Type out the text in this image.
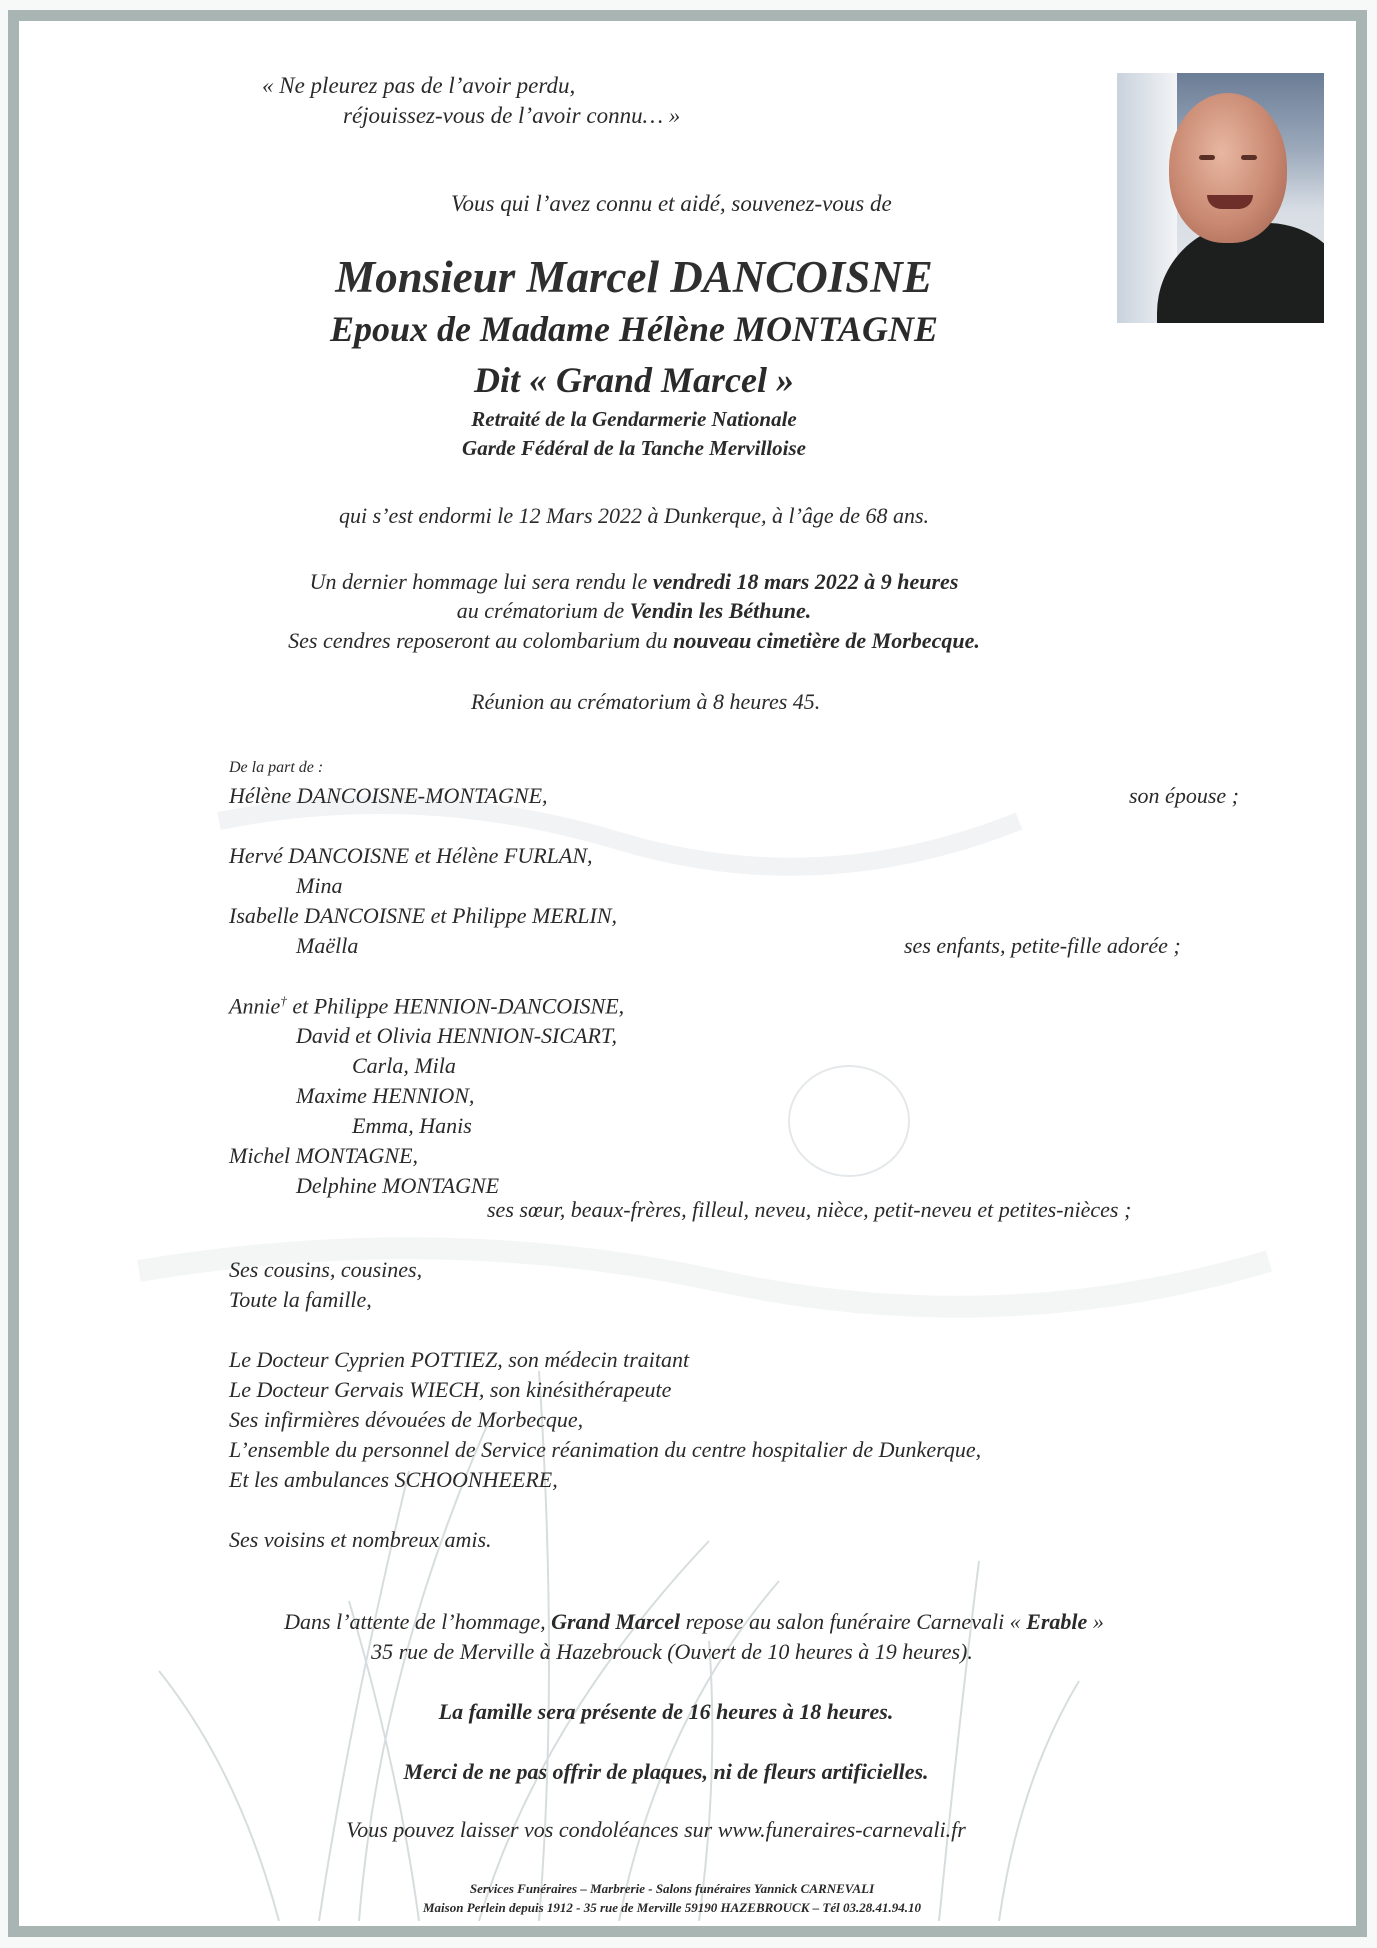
« Ne pleurez pas de l’avoir perdu,
réjouissez-vous de l’avoir connu… »
Vous qui l’avez connu et aidé, souvenez-vous de
Monsieur Marcel DANCOISNE
Epoux de Madame Hélène MONTAGNE
Dit « Grand Marcel »
Retraité de la Gendarmerie Nationale
Garde Fédéral de la Tanche Mervilloise
qui s’est endormi le 12 Mars 2022 à Dunkerque, à l’âge de 68 ans.
Un dernier hommage lui sera rendu le vendredi 18 mars 2022 à 9 heures
au crématorium de Vendin les Béthune.
Ses cendres reposeront au colombarium du nouveau cimetière de Morbecque.
Réunion au crématorium à 8 heures 45.
De la part de :
Hélène DANCOISNE-MONTAGNE,	son épouse ;
Hervé DANCOISNE et Hélène FURLAN,
Mina
Isabelle DANCOISNE et Philippe MERLIN,
Maëlla	ses enfants, petite-fille adorée ;
Annie† et Philippe HENNION-DANCOISNE,
David et Olivia HENNION-SICART,
Carla, Mila
Maxime HENNION,
Emma, Hanis
Michel MONTAGNE,
Delphine MONTAGNE
ses sœur, beaux-frères, filleul, neveu, nièce, petit-neveu et petites-nièces ;
Ses cousins, cousines,
Toute la famille,
Le Docteur Cyprien POTTIEZ, son médecin traitant
Le Docteur Gervais WIECH, son kinésithérapeute
Ses infirmières dévouées de Morbecque,
L’ensemble du personnel de Service réanimation du centre hospitalier de Dunkerque,
Et les ambulances SCHOONHEERE,
Ses voisins et nombreux amis.
Dans l’attente de l’hommage, Grand Marcel repose au salon funéraire Carnevali « Erable »
35 rue de Merville à Hazebrouck (Ouvert de 10 heures à 19 heures).
La famille sera présente de 16 heures à 18 heures.
Merci de ne pas offrir de plaques, ni de fleurs artificielles.
Vous pouvez laisser vos condoléances sur www.funeraires-carnevali.fr
Services Funéraires – Marbrerie - Salons funéraires Yannick CARNEVALI
Maison Perlein depuis 1912 - 35 rue de Merville 59190 HAZEBROUCK – Tél 03.28.41.94.10
